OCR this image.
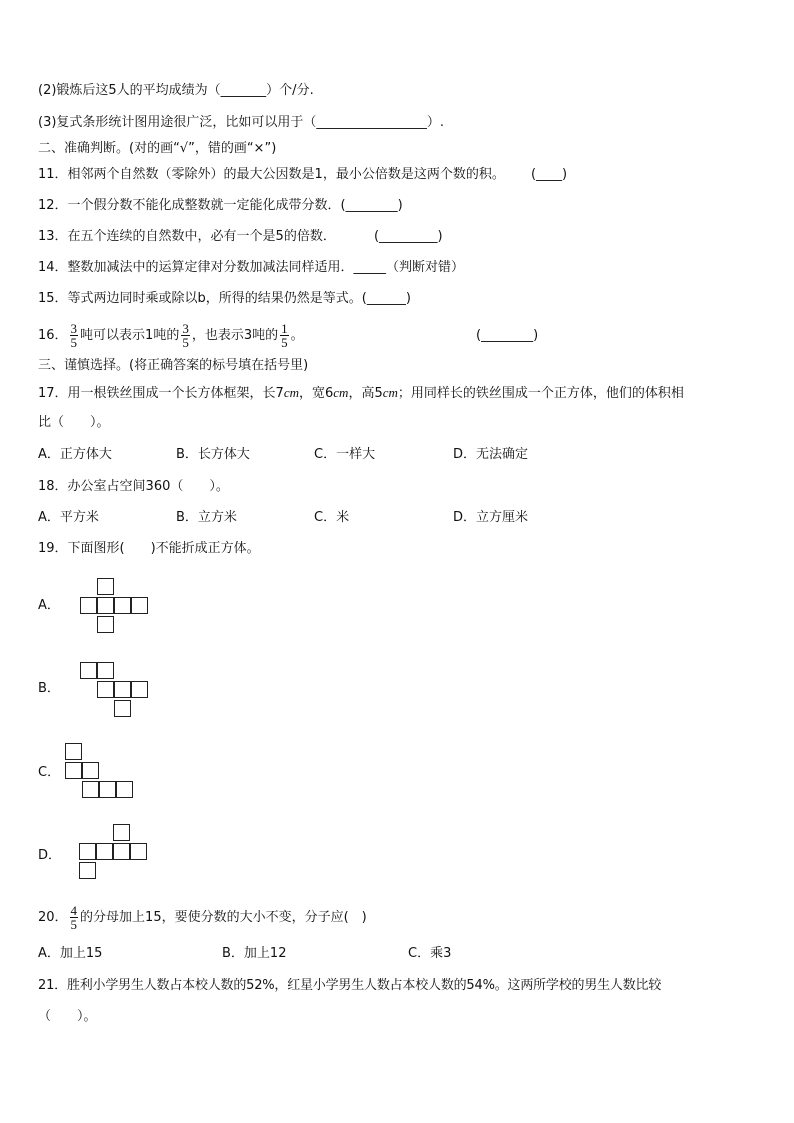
(2)锻炼后这5人的平均成绩为（_______）个/分.
(3)复式条形统计图用途很广泛，比如可以用于（_________________）.
二、准确判断。(对的画“√”，错的画“×”)
11．相邻两个自然数（零除外）的最大公因数是1，最小公倍数是这两个数的积。 (____)
12．一个假分数不能化成整数就一定能化成带分数．(________)
13．在五个连续的自然数中，必有一个是5的倍数．	(_________)
14．整数加减法中的运算定律对分数加减法同样适用．_____（判断对错）
15．等式两边同时乘或除以b，所得的结果仍然是等式。(______)
16． $\frac{3}{5}$ 吨可以表示1吨的 $\frac{3}{5}$ ，也表示3吨的 $\frac{1}{5}$ 。	(________)
三、谨慎选择。(将正确答案的标号填在括号里)
17．用一根铁丝围成一个长方体框架，长7cm，宽6cm，高5cm；用同样长的铁丝围成一个正方体，他们的体积相
比（　　）。
A．正方体大	B．长方体大	C．一样大	D．无法确定
18．办公室占空间360（　　）。
A．平方米	B．立方米	C．米	D．立方厘米
19．下面图形(　　)不能折成正方体。
A．
B．
C．
D．
20． $\frac{4}{5}$ 的分母加上15，要使分数的大小不变，分子应(　)
A．加上15	B．加上12	C．乘3
21．胜利小学男生人数占本校人数的52%，红星小学男生人数占本校人数的54%。这两所学校的男生人数比较
（　　）。
